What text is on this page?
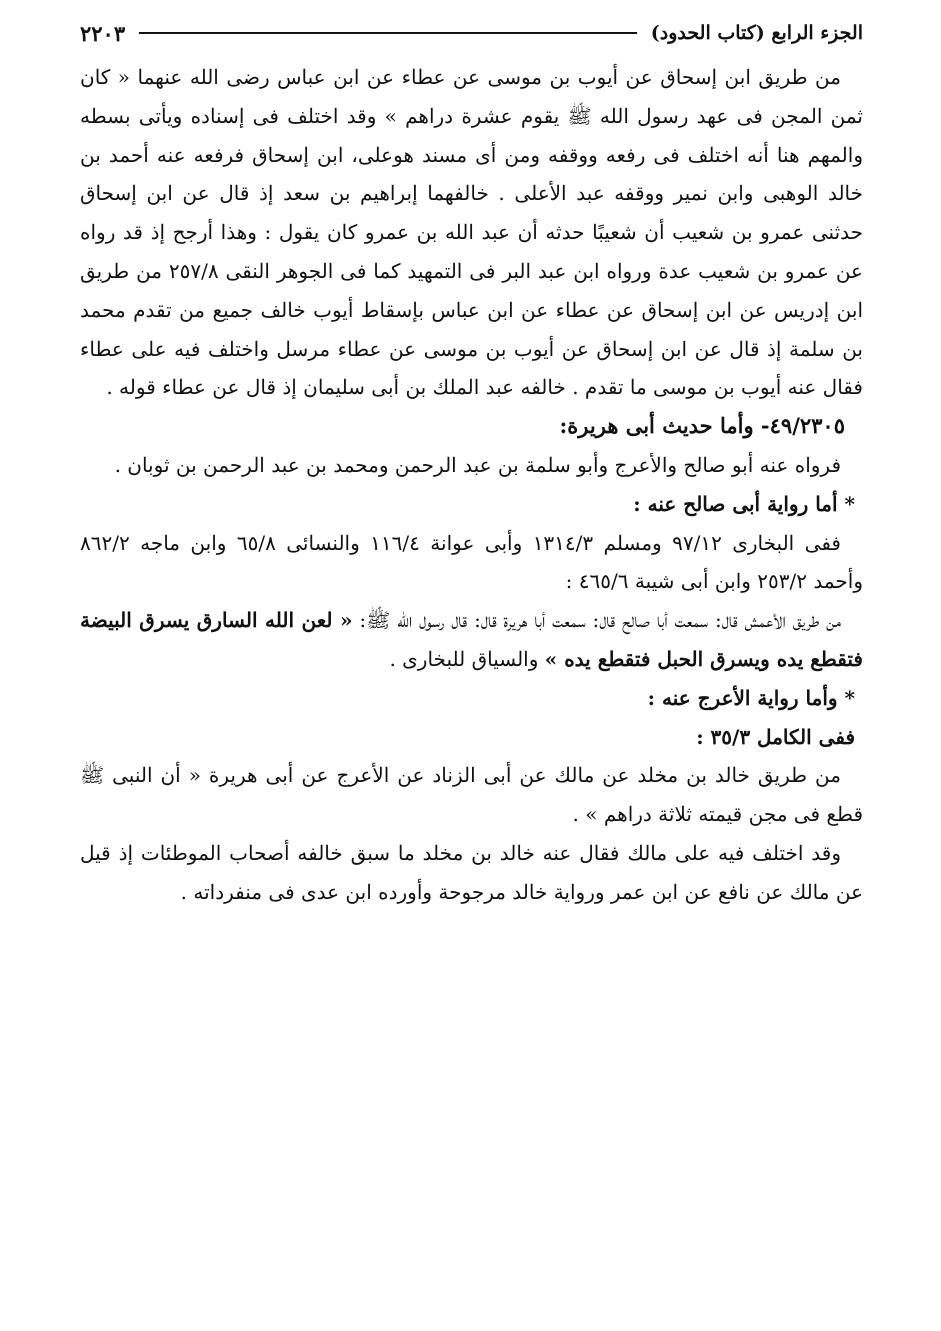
الجزء الرابع (كتاب الحدود)
٢٢٠٣

من طريق ابن إسحاق عن أيوب بن موسى عن عطاء عن ابن عباس رضى الله عنهما « كان ثمن المجن فى عهد رسول الله ﷺ يقوم عشرة دراهم » وقد اختلف فى إسناده ويأتى بسطه والمهم هنا أنه اختلف فى رفعه ووقفه ومن أى مسند هوعلى، ابن إسحاق فرفعه عنه أحمد بن خالد الوهبى وابن نمير ووقفه عبد الأعلى . خالفهما إبراهيم بن سعد إذ قال عن ابن إسحاق حدثنى عمرو بن شعيب أن شعيبًا حدثه أن عبد الله بن عمرو كان يقول : وهذا أرجح إذ قد رواه عن عمرو بن شعيب عدة ورواه ابن عبد البر فى التمهيد كما فى الجوهر النقى ٢٥٧/٨ من طريق ابن إدريس عن ابن إسحاق عن عطاء عن ابن عباس بإسقاط أيوب خالف جميع من تقدم محمد بن سلمة إذ قال عن ابن إسحاق عن أيوب بن موسى عن عطاء مرسل واختلف فيه على عطاء فقال عنه أيوب بن موسى ما تقدم . خالفه عبد الملك بن أبى سليمان إذ قال عن عطاء قوله .

٤٩/٢٣٠٥- وأما حديث أبى هريرة:

فرواه عنه أبو صالح والأعرج وأبو سلمة بن عبد الرحمن ومحمد بن عبد الرحمن بن ثوبان .

* أما رواية أبى صالح عنه :

ففى البخارى ٩٧/١٢ ومسلم ١٣١٤/٣ وأبى عوانة ١١٦/٤ والنسائى ٦٥/٨ وابن ماجه ٨٦٢/٢ وأحمد ٢٥٣/٢ وابن أبى شيبة ٤٦٥/٦ :

من طريق الأعمش قال: سمعت أبا صالح قال: سمعت أبا هريرة قال: قال رسول الله ﷺ: « لعن الله السارق يسرق البيضة فتقطع يده ويسرق الحبل فتقطع يده » والسياق للبخارى .

* وأما رواية الأعرج عنه :

ففى الكامل ٣٥/٣ :

من طريق خالد بن مخلد عن مالك عن أبى الزناد عن الأعرج عن أبى هريرة « أن النبى ﷺ قطع فى مجن قيمته ثلاثة دراهم » .

وقد اختلف فيه على مالك فقال عنه خالد بن مخلد ما سبق خالفه أصحاب الموطئات إذ قيل عن مالك عن نافع عن ابن عمر ورواية خالد مرجوحة وأورده ابن عدى فى منفرداته .
